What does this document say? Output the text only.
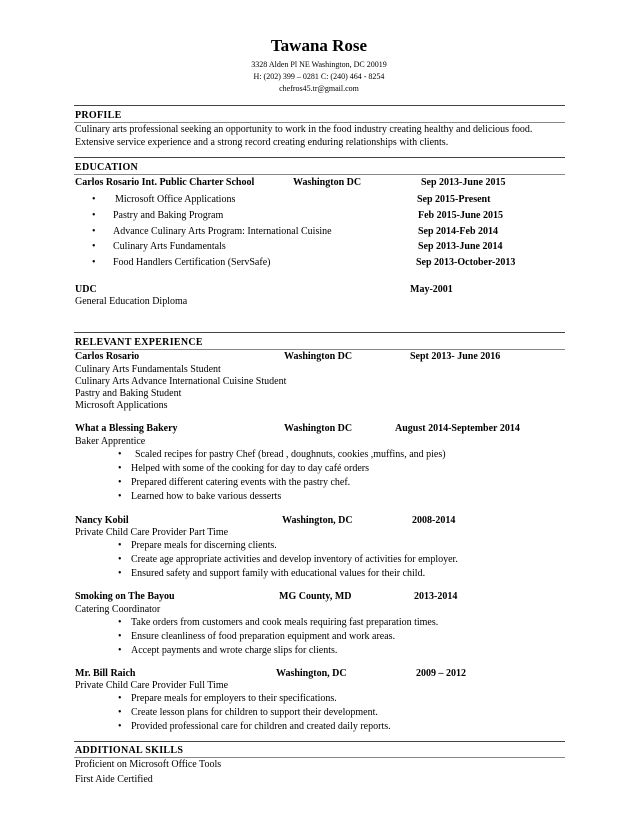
Tawana Rose
3328 Alden Pl NE Washington, DC 20019
H: (202) 399 – 0281 C: (240) 464 - 8254
chefros45.tr@gmail.com
PROFILE
Culinary arts professional seeking an opportunity to work in the food industry creating healthy and delicious food.
Extensive service experience and a strong record creating enduring relationships with clients.
EDUCATION
Carlos Rosario Int. Public Charter School	Washington DC	Sep 2013-June 2015
• Microsoft Office Applications	Sep 2015-Present
• Pastry and Baking Program	Feb 2015-June 2015
• Advance Culinary Arts Program: International Cuisine	Sep 2014-Feb 2014
• Culinary Arts Fundamentals	Sep 2013-June 2014
• Food Handlers Certification (ServSafe)	Sep 2013-October-2013
UDC	May-2001
General Education Diploma
RELEVANT EXPERIENCE
Carlos Rosario	Washington DC	Sept 2013- June 2016
Culinary Arts Fundamentals Student
Culinary Arts Advance International Cuisine Student
Pastry and Baking Student
Microsoft Applications
What a Blessing Bakery	Washington DC	August 2014-September 2014
Baker Apprentice
• Scaled recipes for pastry Chef (bread , doughnuts, cookies ,muffins, and pies)
• Helped with some of the cooking for day to day café orders
• Prepared different catering events with the pastry chef.
• Learned how to bake various desserts
Nancy Kobil	Washington, DC	2008-2014
Private Child Care Provider Part Time
• Prepare meals for discerning clients.
• Create age appropriate activities and develop inventory of activities for employer.
• Ensured safety and support family with educational values for their child.
Smoking on The Bayou	MG County, MD	2013-2014
Catering Coordinator
• Take orders from customers and cook meals requiring fast preparation times.
• Ensure cleanliness of food preparation equipment and work areas.
• Accept payments and wrote charge slips for clients.
Mr. Bill Raich	Washington, DC	2009 – 2012
Private Child Care Provider Full Time
• Prepare meals for employers to their specifications.
• Create lesson plans for children to support their development.
• Provided professional care for children and created daily reports.
ADDITIONAL SKILLS
Proficient on Microsoft Office Tools
First Aide Certified
